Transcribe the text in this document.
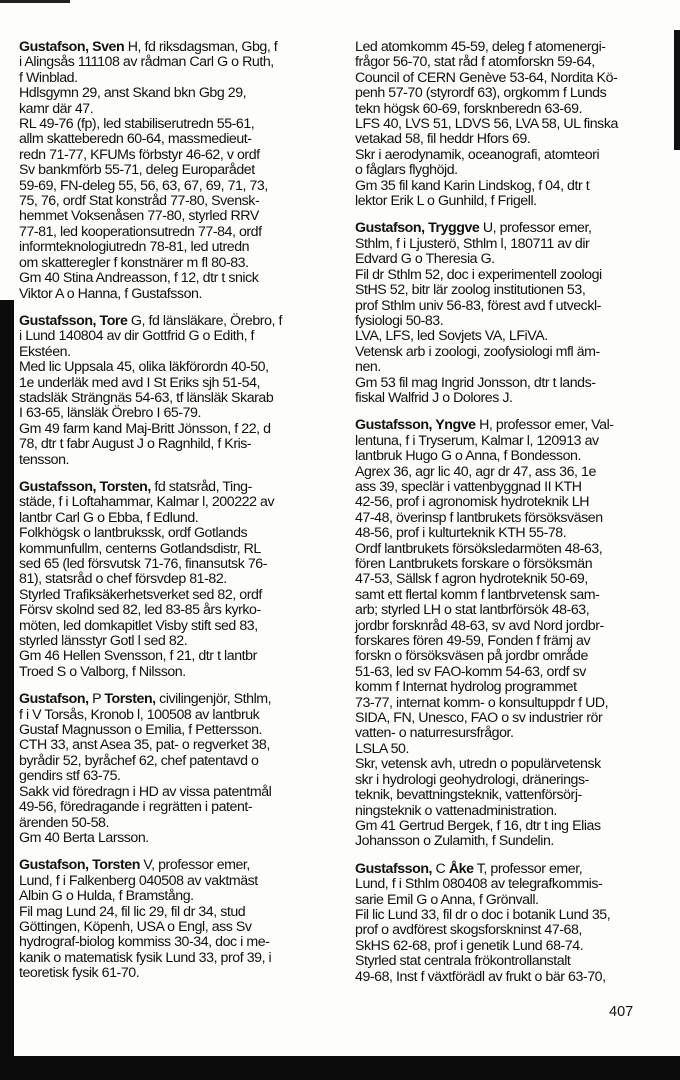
Gustafson, Sven H, fd riksdagsman, Gbg, f
i Alingsås 111108 av rådman Carl G o Ruth,
f Winblad.
Hdlsgymn 29, anst Skand bkn Gbg 29,
kamr där 47.
RL 49-76 (fp), led stabiliserutredn 55-61,
allm skatteberedn 60-64, massmedieut-
redn 71-77, KFUMs förbstyr 46-62, v ordf
Sv bankmförb 55-71, deleg Europarådet
59-69, FN-deleg 55, 56, 63, 67, 69, 71, 73,
75, 76, ordf Stat konstråd 77-80, Svensk-
hemmet Voksenåsen 77-80, styrled RRV
77-81, led kooperationsutredn 77-84, ordf
informteknologiutredn 78-81, led utredn
om skatteregler f konstnärer m fl 80-83.
Gm 40 Stina Andreasson, f 12, dtr t snick
Viktor A o Hanna, f Gustafsson.
Gustafsson, Tore G, fd länsläkare, Örebro, f
i Lund 140804 av dir Gottfrid G o Edith, f
Ekstéen.
Med lic Uppsala 45, olika läkförordn 40-50,
1e underläk med avd I St Eriks sjh 51-54,
stadsläk Strängnäs 54-63, tf länsläk Skarab
I 63-65, länsläk Örebro I 65-79.
Gm 49 farm kand Maj-Britt Jönsson, f 22, d
78, dtr t fabr August J o Ragnhild, f Kris-
tensson.
Gustafsson, Torsten, fd statsråd, Ting-
städe, f i Loftahammar, Kalmar l, 200222 av
lantbr Carl G o Ebba, f Edlund.
Folkhögsk o lantbrukssk, ordf Gotlands
kommunfullm, centerns Gotlandsdistr, RL
sed 65 (led försvutsk 71-76, finansutsk 76-
81), statsråd o chef försvdep 81-82.
Styrled Trafiksäkerhetsverket sed 82, ordf
Försv skolnd sed 82, led 83-85 års kyrko-
möten, led domkapitlet Visby stift sed 83,
styrled länsstyr Gotl l sed 82.
Gm 46 Hellen Svensson, f 21, dtr t lantbr
Troed S o Valborg, f Nilsson.
Gustafson, P Torsten, civilingenjör, Sthlm,
f i V Torsås, Kronob l, 100508 av lantbruk
Gustaf Magnusson o Emilia, f Pettersson.
CTH 33, anst Asea 35, pat- o regverket 38,
byrådir 52, byråchef 62, chef patentavd o
gendirs stf 63-75.
Sakk vid föredragn i HD av vissa patentmål
49-56, föredragande i regrätten i patent-
ärenden 50-58.
Gm 40 Berta Larsson.
Gustafson, Torsten V, professor emer,
Lund, f i Falkenberg 040508 av vaktmäst
Albin G o Hulda, f Bramstång.
Fil mag Lund 24, fil lic 29, fil dr 34, stud
Göttingen, Köpenh, USA o Engl, ass Sv
hydrograf-biolog kommiss 30-34, doc i me-
kanik o matematisk fysik Lund 33, prof 39, i
teoretisk fysik 61-70.
Led atomkomm 45-59, deleg f atomenergi-
frågor 56-70, stat råd f atomforskn 59-64,
Council of CERN Genève 53-64, Nordita Kö-
penh 57-70 (styrordf 63), orgkomm f Lunds
tekn högsk 60-69, forsknberedn 63-69.
LFS 40, LVS 51, LDVS 56, LVA 58, UL finska
vetakad 58, fil heddr Hfors 69.
Skr i aerodynamik, oceanografi, atomteori
o fåglars flyghöjd.
Gm 35 fil kand Karin Lindskog, f 04, dtr t
lektor Erik L o Gunhild, f Frigell.
Gustafson, Tryggve U, professor emer,
Sthlm, f i Ljusterö, Sthlm l, 180711 av dir
Edvard G o Theresia G.
Fil dr Sthlm 52, doc i experimentell zoologi
StHS 52, bitr lär zoolog institutionen 53,
prof Sthlm univ 56-83, förest avd f utveckl-
fysiologi 50-83.
LVA, LFS, led Sovjets VA, LFiVA.
Vetensk arb i zoologi, zoofysiologi mfl äm-
nen.
Gm 53 fil mag Ingrid Jonsson, dtr t lands-
fiskal Walfrid J o Dolores J.
Gustafsson, Yngve H, professor emer, Val-
lentuna, f i Tryserum, Kalmar l, 120913 av
lantbruk Hugo G o Anna, f Bondesson.
Agrex 36, agr lic 40, agr dr 47, ass 36, 1e
ass 39, speclär i vattenbyggnad II KTH
42-56, prof i agronomisk hydroteknik LH
47-48, överinsp f lantbrukets försöksväsen
48-56, prof i kulturteknik KTH 55-78.
Ordf lantbrukets försöksledarmöten 48-63,
fören Lantbrukets forskare o försöksmän
47-53, Sällsk f agron hydroteknik 50-69,
samt ett flertal komm f lantbrvetensk sam-
arb; styrled LH o stat lantbrförsök 48-63,
jordbr forsknråd 48-63, sv avd Nord jordbr-
forskares fören 49-59, Fonden f främj av
forskn o försöksväsen på jordbr område
51-63, led sv FAO-komm 54-63, ordf sv
komm f Internat hydrolog programmet
73-77, internat komm- o konsultuppdr f UD,
SIDA, FN, Unesco, FAO o sv industrier rör
vatten- o naturresursfrågor.
LSLA 50.
Skr, vetensk avh, utredn o populärvetensk
skr i hydrologi geohydrologi, dränerings-
teknik, bevattningsteknik, vattenförsörj-
ningsteknik o vattenadministration.
Gm 41 Gertrud Bergek, f 16, dtr t ing Elias
Johansson o Zulamith, f Sundelin.
Gustafsson, C Åke T, professor emer,
Lund, f i Sthlm 080408 av telegrafkommis-
sarie Emil G o Anna, f Grönvall.
Fil lic Lund 33, fil dr o doc i botanik Lund 35,
prof o avdförest skogsforskninst 47-68,
SkHS 62-68, prof i genetik Lund 68-74.
Styrled stat centrala frökontrollanstalt
49-68, Inst f växtförädl av frukt o bär 63-70,
407
